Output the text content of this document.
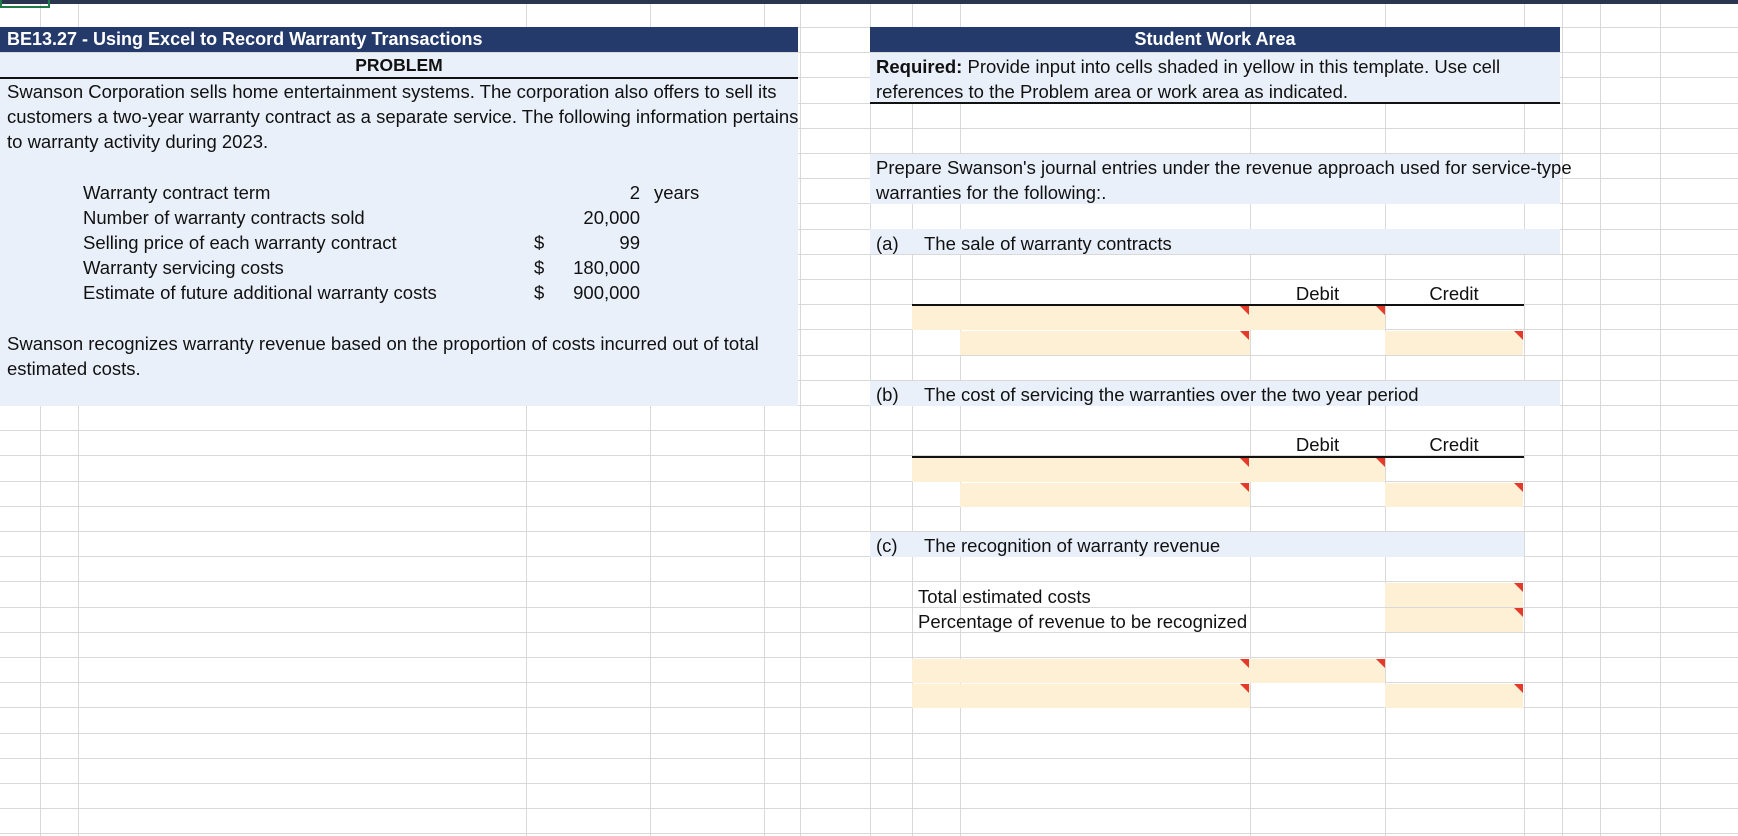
BE13.27 - Using Excel to Record Warranty Transactions
PROBLEM
Swanson Corporation sells home entertainment systems. The corporation also offers to sell its
customers a two-year warranty contract as a separate service. The following information pertains
to warranty activity during 2023.
Warranty contract term	2 years
Number of warranty contracts sold	20,000
Selling price of each warranty contract	$	99
Warranty servicing costs	$	180,000
Estimate of future additional warranty costs	$	900,000
Swanson recognizes warranty revenue based on the proportion of costs incurred out of total
estimated costs.
Student Work Area
Required: Provide input into cells shaded in yellow in this template. Use cell
references to the Problem area or work area as indicated.
Prepare Swanson's journal entries under the revenue approach used for service-type
warranties for the following:.
(a) The sale of warranty contracts
Debit	Credit
(b) The cost of servicing the warranties over the two year period
Debit	Credit
(c) The recognition of warranty revenue
Total estimated costs
Percentage of revenue to be recognized
